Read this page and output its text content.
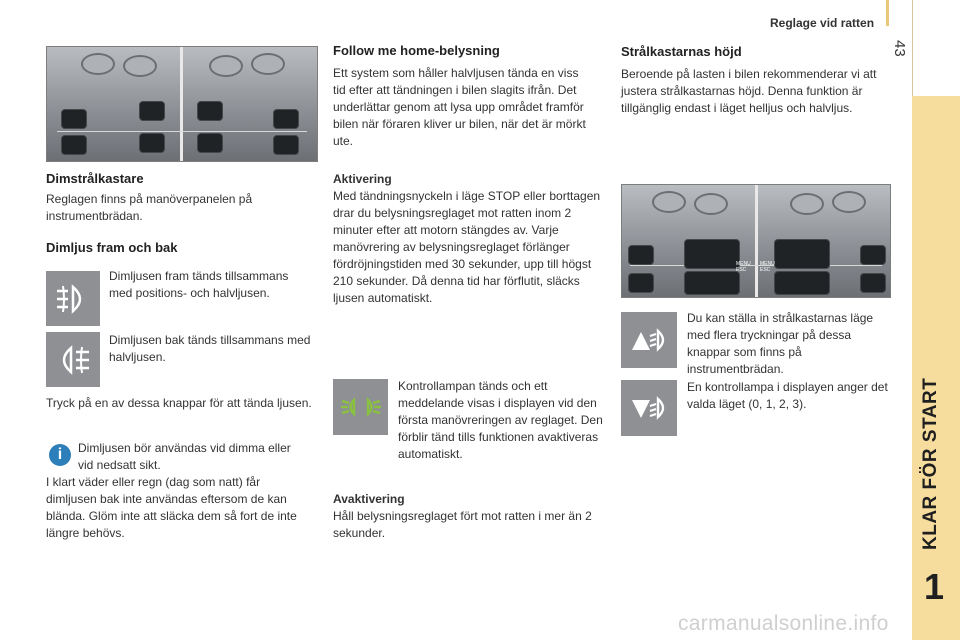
Reglage vid ratten
43
KLAR FÖR START
1
Dimstrålkastare
Reglagen finns på manöverpanelen på instrumentbrädan.
Dimljus fram och bak
Dimljusen fram tänds tillsammans med positions- och halvljusen.
Dimljusen bak tänds tillsammans med halvljusen.
Tryck på en av dessa knappar för att tända ljusen.
i	Dimljusen bör användas vid dimma eller vid nedsatt sikt.
I klart väder eller regn (dag som natt) får dimljusen bak inte användas eftersom de kan blända. Glöm inte att släcka dem så fort de inte längre behövs.
Follow me home-belysning
Ett system som håller halvljusen tända en viss tid efter att tändningen i bilen slagits ifrån. Det underlättar genom att lysa upp området framför bilen när föraren kliver ur bilen, när det är mörkt ute.
Aktivering
Med tändningsnyckeln i läge STOP eller borttagen drar du belysningsreglaget mot ratten inom 2 minuter efter att motorn stängdes av. Varje manövrering av belysningsreglaget förlänger fördröjningstiden med 30 sekunder, upp till högst 210 sekunder. Då denna tid har förflutit, släcks ljusen automatiskt.
Kontrollampan tänds och ett meddelande visas i displayen vid den första manövreringen av reglaget. Den förblir tänd tills funktionen avaktiveras automatiskt.
Avaktivering
Håll belysningsreglaget fört mot ratten i mer än 2 sekunder.
Strålkastarnas höjd
Beroende på lasten i bilen rekommenderar vi att justera strålkastarnas höjd. Denna funktion är tillgänglig endast i läget helljus och halvljus.
MENU ESC
MENU ESC
Du kan ställa in strålkastarnas läge med flera tryckningar på dessa knappar som finns på instrumentbrädan.
En kontrollampa i displayen anger det valda läget (0, 1, 2, 3).
carmanualsonline.info
